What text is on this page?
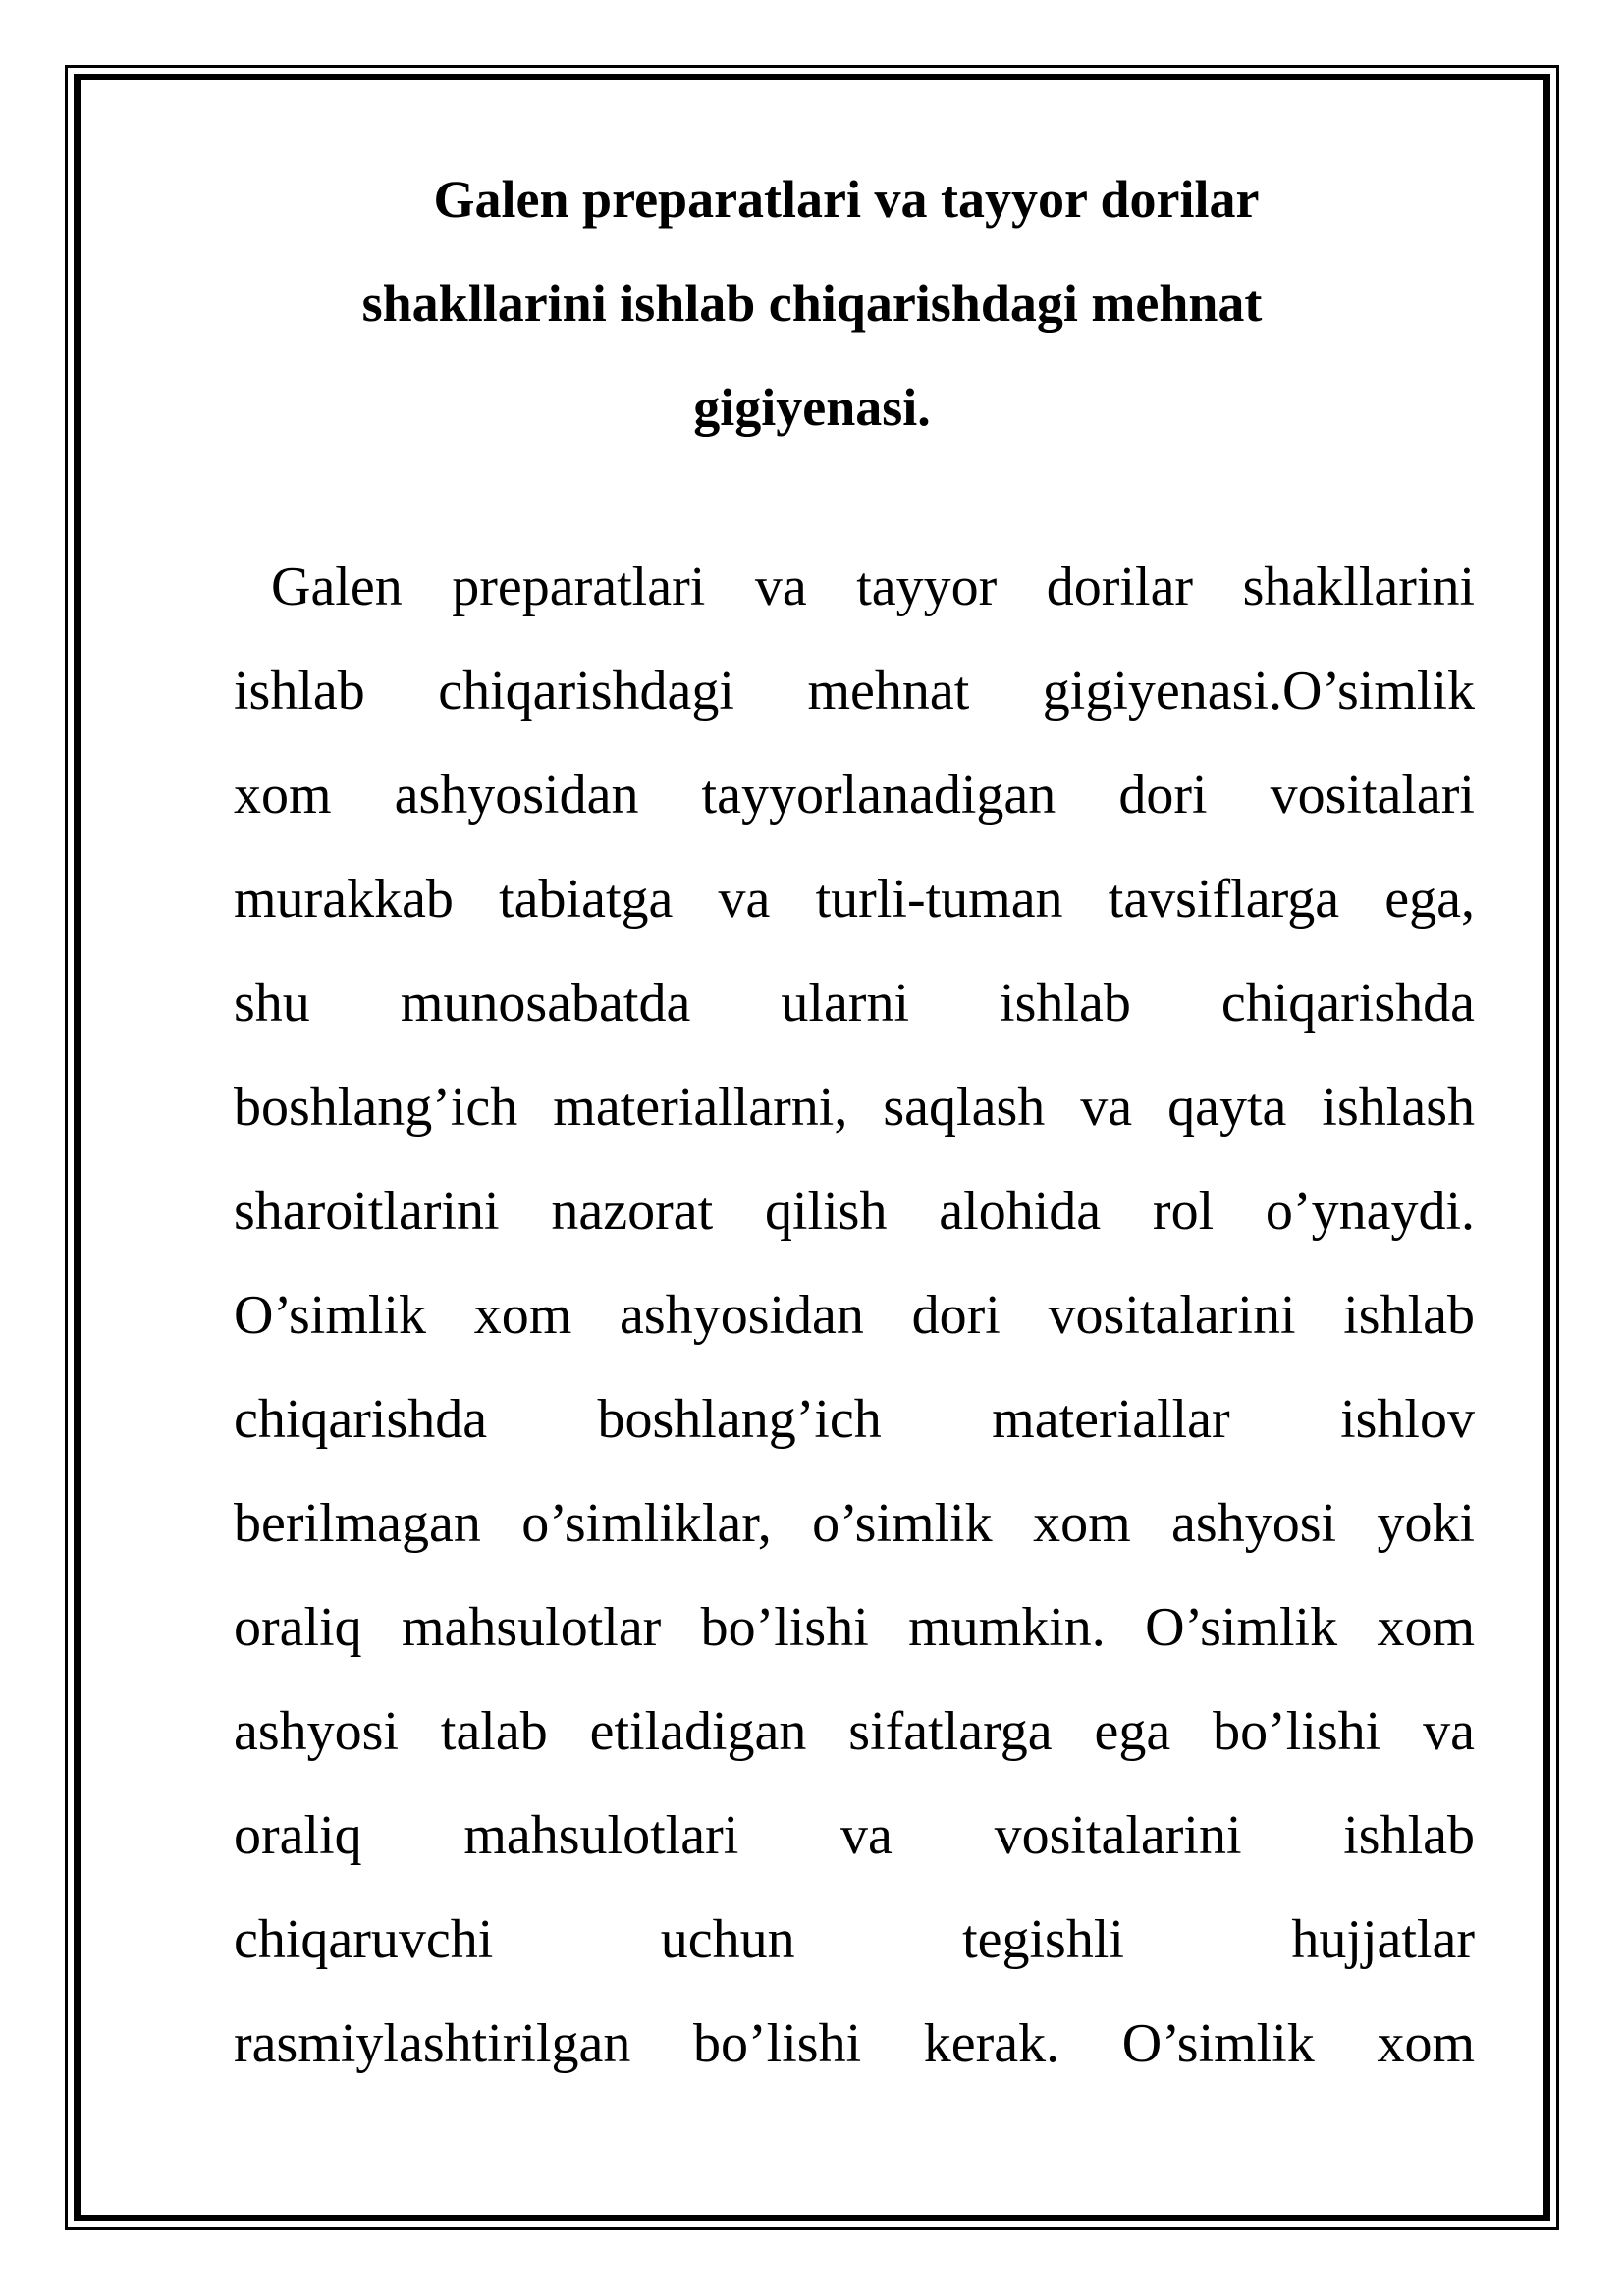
Galen preparatlari va tayyor dorilar
shakllarini ishlab chiqarishdagi mehnat
gigiyenasi.
Galen preparatlari va tayyor dorilar shakllarini
ishlab chiqarishdagi mehnat gigiyenasi.O’simlik
xom ashyosidan tayyorlanadigan dori vositalari
murakkab tabiatga va turli-tuman tavsiflarga ega,
shu munosabatda ularni ishlab chiqarishda
boshlang’ich materiallarni, saqlash va qayta ishlash
sharoitlarini nazorat qilish alohida rol o’ynaydi.
O’simlik xom ashyosidan dori vositalarini ishlab
chiqarishda boshlang’ich materiallar ishlov
berilmagan o’simliklar, o’simlik xom ashyosi yoki
oraliq mahsulotlar bo’lishi mumkin. O’simlik xom
ashyosi talab etiladigan sifatlarga ega bo’lishi va
oraliq mahsulotlari va vositalarini ishlab
chiqaruvchi uchun tegishli hujjatlar
rasmiylashtirilgan bo’lishi kerak. O’simlik xom
